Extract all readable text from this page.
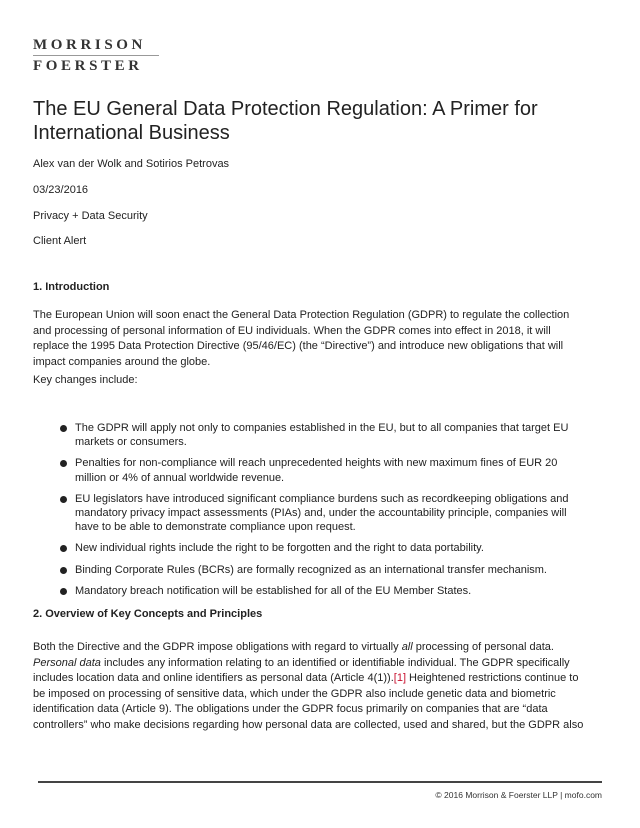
MORRISON
FOERSTER
The EU General Data Protection Regulation: A Primer for
International Business
Alex van der Wolk and Sotirios Petrovas
03/23/2016
Privacy + Data Security
Client Alert
1. Introduction
The European Union will soon enact the General Data Protection Regulation (GDPR) to regulate the collection
and processing of personal information of EU individuals. When the GDPR comes into effect in 2018, it will
replace the 1995 Data Protection Directive (95/46/EC) (the “Directive”) and introduce new obligations that will
impact companies around the globe.
Key changes include:
The GDPR will apply not only to companies established in the EU, but to all companies that target EU
markets or consumers.
Penalties for non-compliance will reach unprecedented heights with new maximum fines of EUR 20
million or 4% of annual worldwide revenue.
EU legislators have introduced significant compliance burdens such as recordkeeping obligations and
mandatory privacy impact assessments (PIAs) and, under the accountability principle, companies will
have to be able to demonstrate compliance upon request.
New individual rights include the right to be forgotten and the right to data portability.
Binding Corporate Rules (BCRs) are formally recognized as an international transfer mechanism.
Mandatory breach notification will be established for all of the EU Member States.
2. Overview of Key Concepts and Principles
Both the Directive and the GDPR impose obligations with regard to virtually all processing of personal data.
Personal data includes any information relating to an identified or identifiable individual. The GDPR specifically
includes location data and online identifiers as personal data (Article 4(1)).[1] Heightened restrictions continue to
be imposed on processing of sensitive data, which under the GDPR also include genetic data and biometric
identification data (Article 9). The obligations under the GDPR focus primarily on companies that are “data
controllers” who make decisions regarding how personal data are collected, used and shared, but the GDPR also
© 2016 Morrison & Foerster LLP | mofo.com
